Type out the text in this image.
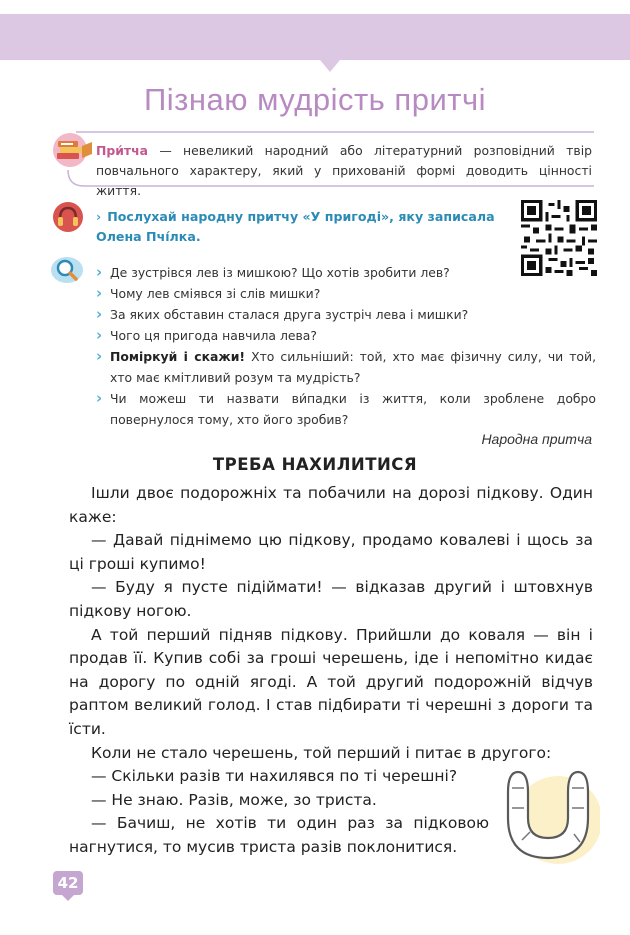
Пізнаю мудрість притчі
При́тча — невеликий народний або літературний розповідний твір повчального характеру, який у прихованій формі доводить цінності життя.
› Послухай народну притчу «У пригоді», яку записала Олена Пчі́лка.
› Де зустрівся лев із мишкою? Що хотів зробити лев?
› Чому лев сміявся зі слів мишки?
› За яких обставин сталася друга зустріч лева і мишки?
› Чого ця пригода навчила лева?
› Поміркуй і скажи! Хто сильніший: той, хто має фізичну силу, чи той, хто має кмітливий розум та мудрість?
› Чи можеш ти назвати ви́падки із життя, коли зроблене добро повернулося тому, хто його зробив?
Народна притча
ТРЕБА НАХИЛИТИСЯ

Ішли двоє подорожніх та побачили на дорозі підкову. Один каже:

— Давай піднімемо цю підкову, продамо ковалеві і щось за ці гроші купимо!

— Буду я пусте підіймати! — відказав другий і штовхнув підкову ногою.

А той перший підняв підкову. Прийшли до коваля — він і продав її. Купив собі за гроші черешень, іде і непомітно кидає на дорогу по одній ягоді. А той другий подорожній відчув раптом великий голод. І став підбирати ті черешні з дороги та їсти.

Коли не стало черешень, той перший і питає в другого:

— Скільки разів ти нахилявся по ті черешні?

— Не знаю. Разів, може, зо триста.

— Бачиш, не хотів ти один раз за підковою нагнутися, то мусив триста разів поклонитися.

42
